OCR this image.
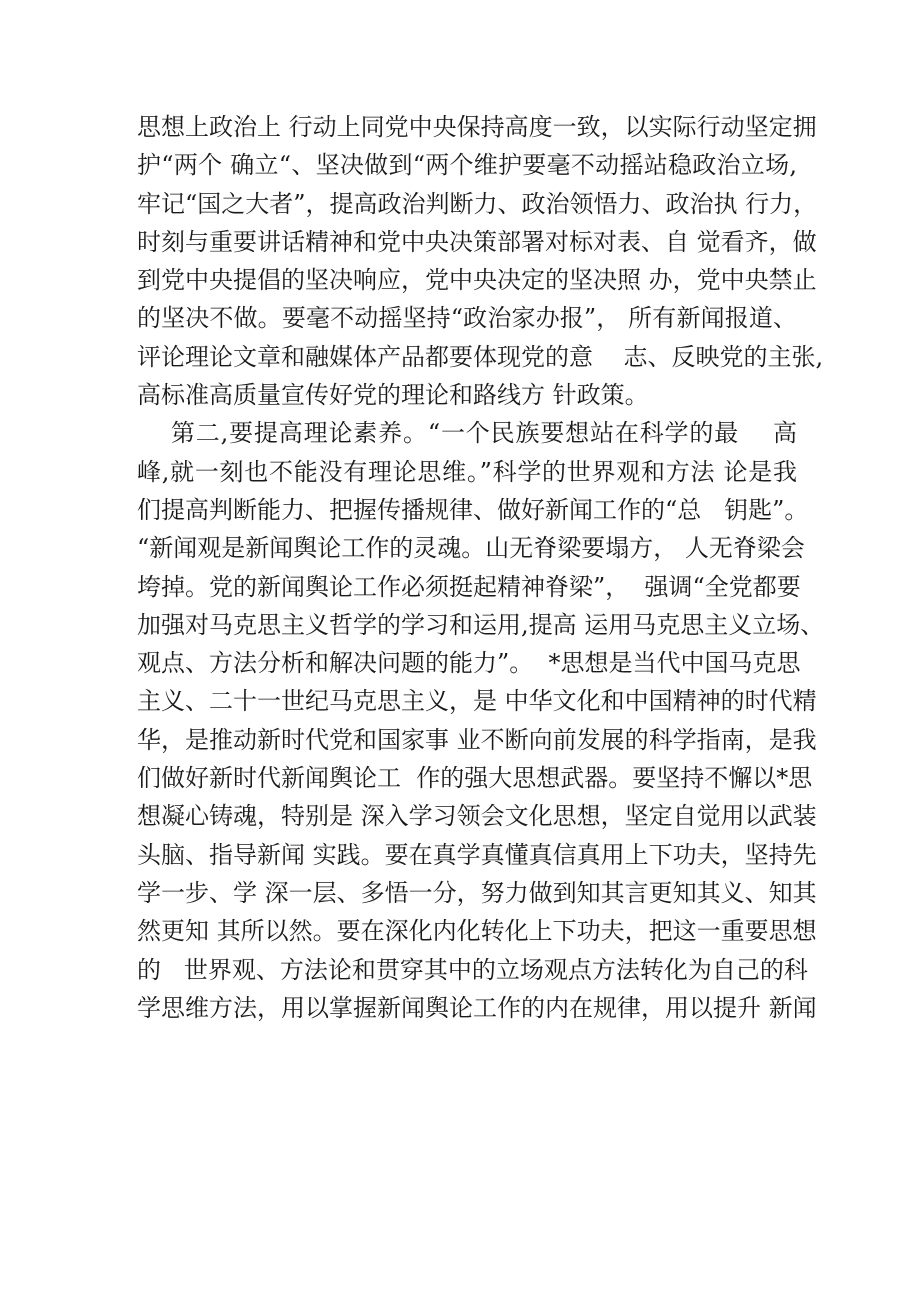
思想上政治上 行动上同党中央保持高度一致，以实际行动坚定拥
护“两个 确立“、坚决做到“两个维护要毫不动摇站稳政治立场,
牢记“国之大者”，提高政治判断力、政治领悟力、政治执 行力，
时刻与重要讲话精神和党中央决策部署对标对表、自 觉看齐，做
到党中央提倡的坚决响应，党中央决定的坚决照 办，党中央禁止
的坚决不做。要毫不动摇坚持“政治家办报”， 所有新闻报道、
评论理论文章和融媒体产品都要体现党的意    志、反映党的主张,
高标准高质量宣传好党的理论和路线方 针政策。
第二,要提高理论素养。“一个民族要想站在科学的最    高
峰,就一刻也不能没有理论思维。”科学的世界观和方法 论是我
们提高判断能力、把握传播规律、做好新闻工作的“总   钥匙”。
“新闻观是新闻舆论工作的灵魂。山无脊梁要塌方， 人无脊梁会
垮掉。党的新闻舆论工作必须挺起精神脊梁”，  强调“全党都要
加强对马克思主义哲学的学习和运用,提高 运用马克思主义立场、
观点、方法分析和解决问题的能力”。  *思想是当代中国马克思
主义、二十一世纪马克思主义，是 中华文化和中国精神的时代精
华，是推动新时代党和国家事 业不断向前发展的科学指南，是我
们做好新时代新闻舆论工  作的强大思想武器。要坚持不懈以*思
想凝心铸魂，特别是 深入学习领会文化思想，坚定自觉用以武装
头脑、指导新闻 实践。要在真学真懂真信真用上下功夫，坚持先
学一步、学 深一层、多悟一分，努力做到知其言更知其义、知其
然更知 其所以然。要在深化内化转化上下功夫，把这一重要思想
的   世界观、方法论和贯穿其中的立场观点方法转化为自己的科
学思维方法，用以掌握新闻舆论工作的内在规律，用以提升 新闻
